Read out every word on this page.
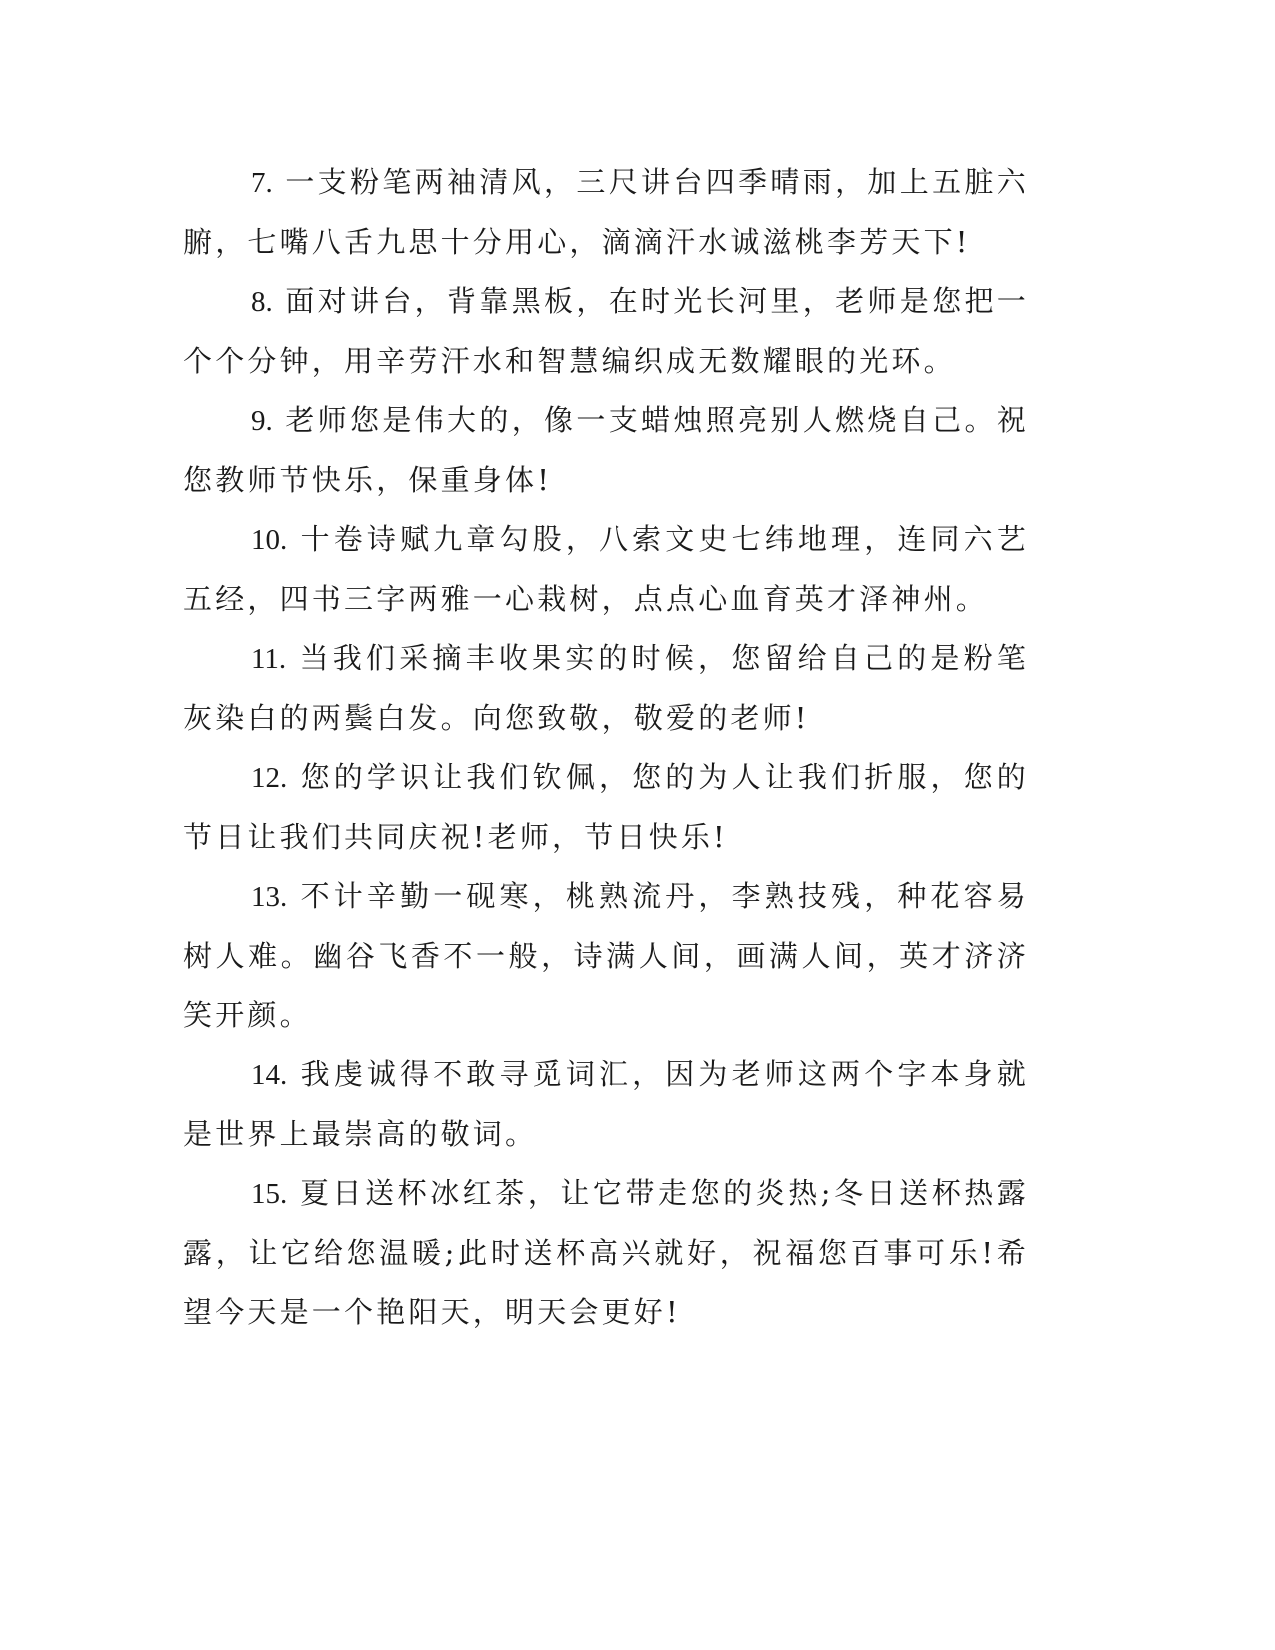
7. 一支粉笔两袖清风，三尺讲台四季晴雨，加上五脏六腑，七嘴八舌九思十分用心，滴滴汗水诚滋桃李芳天下!

8. 面对讲台，背靠黑板，在时光长河里，老师是您把一个个分钟，用辛劳汗水和智慧编织成无数耀眼的光环。

9. 老师您是伟大的，像一支蜡烛照亮别人燃烧自己。祝您教师节快乐，保重身体!

10. 十卷诗赋九章勾股，八索文史七纬地理，连同六艺五经，四书三字两雅一心栽树，点点心血育英才泽神州。

11. 当我们采摘丰收果实的时候，您留给自己的是粉笔灰染白的两鬓白发。向您致敬，敬爱的老师!

12. 您的学识让我们钦佩，您的为人让我们折服，您的节日让我们共同庆祝!老师，节日快乐!

13. 不计辛勤一砚寒，桃熟流丹，李熟技残，种花容易树人难。幽谷飞香不一般，诗满人间，画满人间，英才济济笑开颜。

14. 我虔诚得不敢寻觅词汇，因为老师这两个字本身就是世界上最崇高的敬词。

15. 夏日送杯冰红茶，让它带走您的炎热;冬日送杯热露露，让它给您温暖;此时送杯高兴就好，祝福您百事可乐!希望今天是一个艳阳天，明天会更好!
